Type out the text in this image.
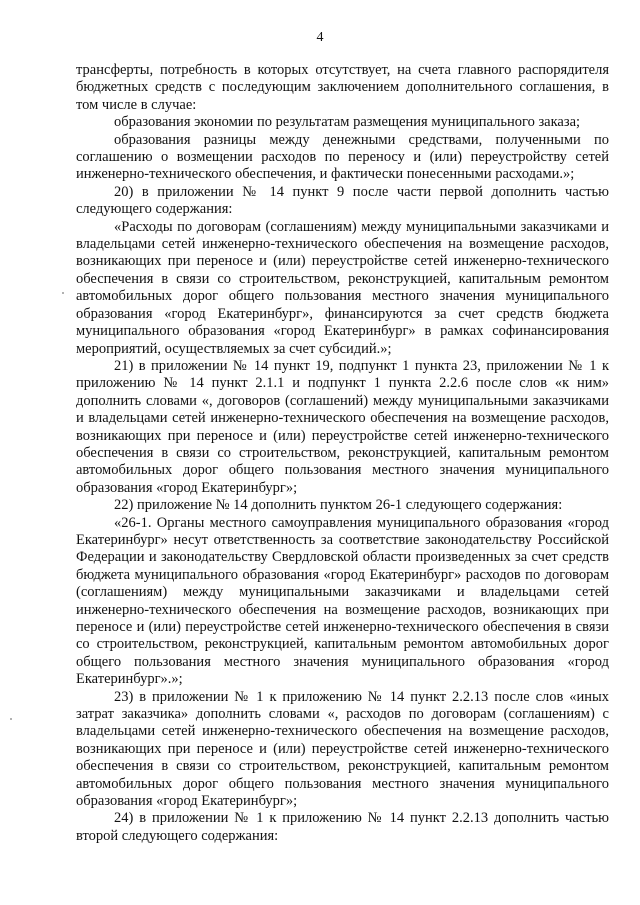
4

трансферты, потребность в которых отсутствует, на счета главного распорядителя бюджетных средств с последующим заключением дополнительного соглашения, в том числе в случае:

образования экономии по результатам размещения муниципального заказа;

образования разницы между денежными средствами, полученными по соглашению о возмещении расходов по переносу и (или) переустройству сетей инженерно-технического обеспечения, и фактически понесенными расходами.»;

20) в приложении № 14 пункт 9 после части первой дополнить частью следующего содержания:

«Расходы по договорам (соглашениям) между муниципальными заказчиками и владельцами сетей инженерно-технического обеспечения на возмещение расходов, возникающих при переносе и (или) переустройстве сетей инженерно-технического обеспечения в связи со строительством, реконструкцией, капитальным ремонтом автомобильных дорог общего пользования местного значения муниципального образования «город Екатеринбург», финансируются за счет средств бюджета муниципального образования «город Екатеринбург» в рамках софинансирования мероприятий, осуществляемых за счет субсидий.»;

21) в приложении № 14 пункт 19, подпункт 1 пункта 23, приложении № 1 к приложению № 14 пункт 2.1.1 и подпункт 1 пункта 2.2.6 после слов «к ним» дополнить словами «, договоров (соглашений) между муниципальными заказчиками и владельцами сетей инженерно-технического обеспечения на возмещение расходов, возникающих при переносе и (или) переустройстве сетей инженерно-технического обеспечения в связи со строительством, реконструкцией, капитальным ремонтом автомобильных дорог общего пользования местного значения муниципального образования «город Екатеринбург»;

22) приложение № 14 дополнить пунктом 26-1 следующего содержания:

«26-1. Органы местного самоуправления муниципального образования «город Екатеринбург» несут ответственность за соответствие законодательству Российской Федерации и законодательству Свердловской области произведенных за счет средств бюджета муниципального образования «город Екатеринбург» расходов по договорам (соглашениям) между муниципальными заказчиками и владельцами сетей инженерно-технического обеспечения на возмещение расходов, возникающих при переносе и (или) переустройстве сетей инженерно-технического обеспечения в связи со строительством, реконструкцией, капитальным ремонтом автомобильных дорог общего пользования местного значения муниципального образования «город Екатеринбург».»;

23) в приложении № 1 к приложению № 14 пункт 2.2.13 после слов «иных затрат заказчика» дополнить словами «, расходов по договорам (соглашениям) с владельцами сетей инженерно-технического обеспечения на возмещение расходов, возникающих при переносе и (или) переустройстве сетей инженерно-технического обеспечения в связи со строительством, реконструкцией, капитальным ремонтом автомобильных дорог общего пользования местного значения муниципального образования «город Екатеринбург»;

24) в приложении № 1 к приложению № 14 пункт 2.2.13 дополнить частью второй следующего содержания:
